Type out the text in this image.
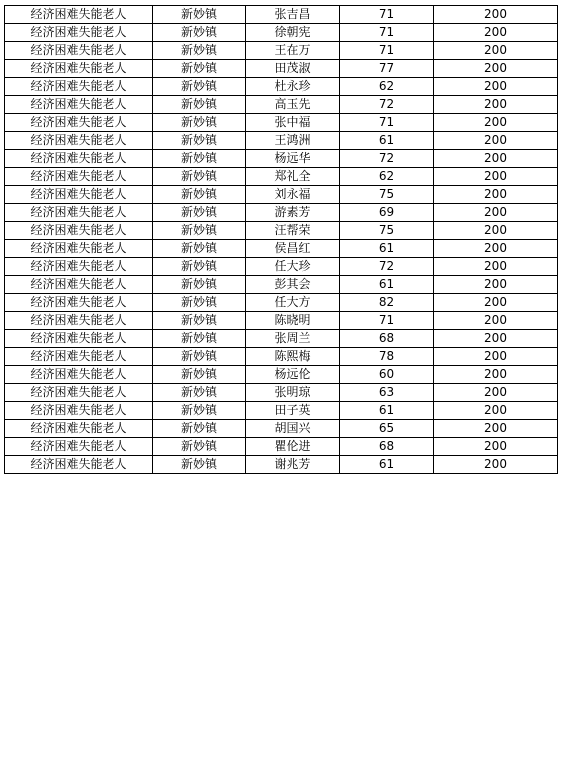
经济困难失能老人	新妙镇	张吉昌	71	200
经济困难失能老人	新妙镇	徐朝宪	71	200
经济困难失能老人	新妙镇	王在万	71	200
经济困难失能老人	新妙镇	田茂淑	77	200
经济困难失能老人	新妙镇	杜永珍	62	200
经济困难失能老人	新妙镇	高玉先	72	200
经济困难失能老人	新妙镇	张中福	71	200
经济困难失能老人	新妙镇	王鸿洲	61	200
经济困难失能老人	新妙镇	杨远华	72	200
经济困难失能老人	新妙镇	郑礼全	62	200
经济困难失能老人	新妙镇	刘永福	75	200
经济困难失能老人	新妙镇	游素芳	69	200
经济困难失能老人	新妙镇	汪帮荣	75	200
经济困难失能老人	新妙镇	侯昌红	61	200
经济困难失能老人	新妙镇	任大珍	72	200
经济困难失能老人	新妙镇	彭其会	61	200
经济困难失能老人	新妙镇	任大方	82	200
经济困难失能老人	新妙镇	陈晓明	71	200
经济困难失能老人	新妙镇	张周兰	68	200
经济困难失能老人	新妙镇	陈熙梅	78	200
经济困难失能老人	新妙镇	杨远伦	60	200
经济困难失能老人	新妙镇	张明琼	63	200
经济困难失能老人	新妙镇	田子英	61	200
经济困难失能老人	新妙镇	胡国兴	65	200
经济困难失能老人	新妙镇	瞿伦进	68	200
经济困难失能老人	新妙镇	谢兆芳	61	200
